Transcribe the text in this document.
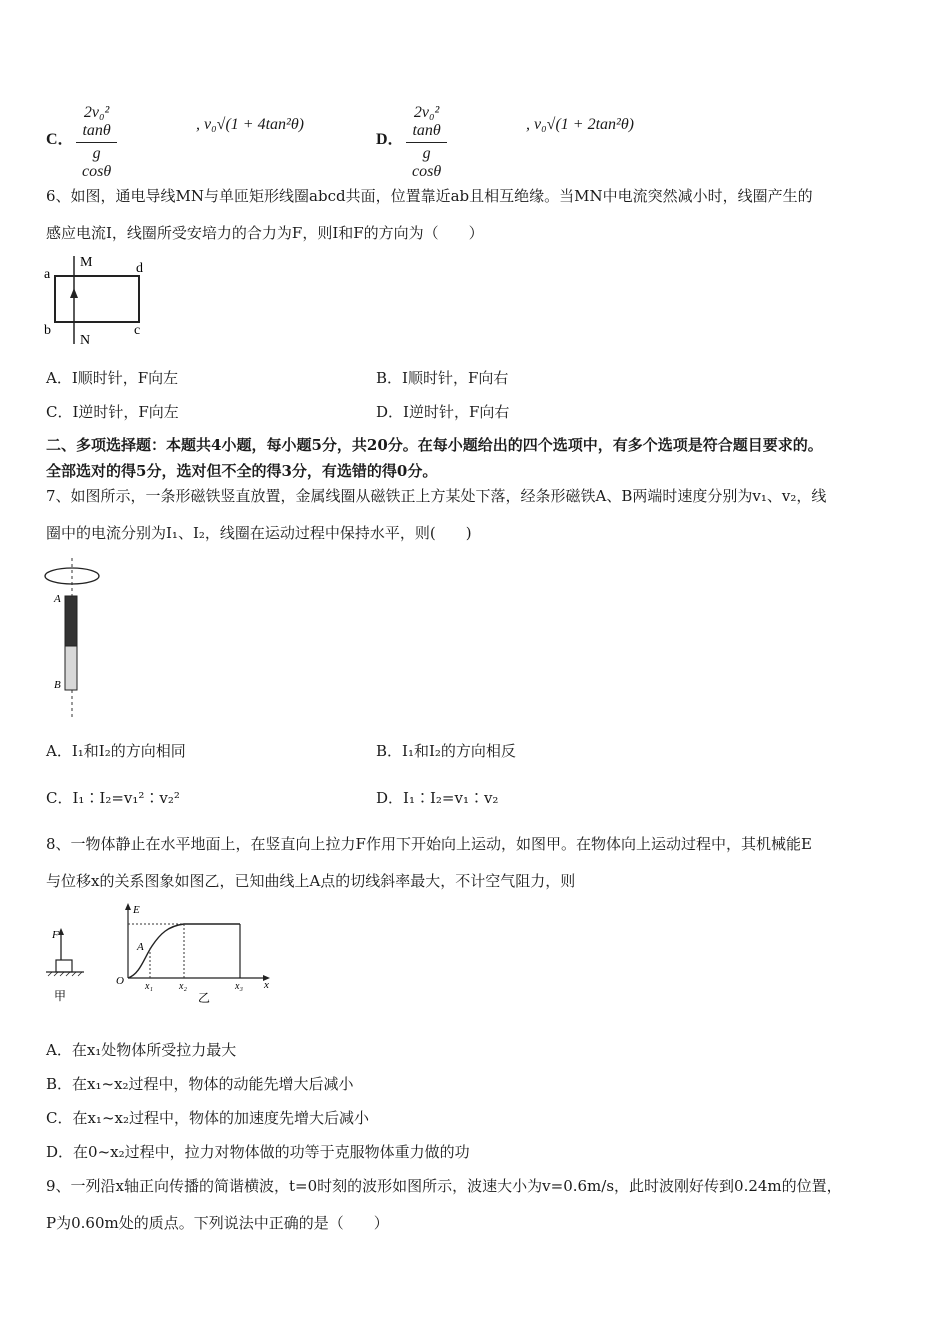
C． $\frac{\text{2v₀² tanθ}}{\text{g cosθ}}$	, v₀√(1 + 4tan²θ)
D． $\frac{\text{2v₀² tanθ}}{\text{g cosθ}}$	, v₀√(1 + 2tan²θ)
6、如图，通电导线MN与单匝矩形线圈abcd共面，位置靠近ab且相互绝缘。当MN中电流突然减小时，线圈产生的
感应电流I，线圈所受安培力的合力为F，则I和F的方向为（　　）
a
b	c
d
M
N
A．I顺时针，F向左	B．I顺时针，F向右
C．I逆时针，F向左	D．I逆时针，F向右
二、多项选择题：本题共4小题，每小题5分，共20分。在每小题给出的四个选项中，有多个选项是符合题目要求的。
全部选对的得5分，选对但不全的得3分，有选错的得0分。
7、如图所示，一条形磁铁竖直放置，金属线圈从磁铁正上方某处下落，经条形磁铁A、B两端时速度分别为v₁、v₂，线
圈中的电流分别为I₁、I₂，线圈在运动过程中保持水平，则(　　)
A
B
A．I₁和I₂的方向相同	B．I₁和I₂的方向相反
C．I₁∶I₂=v₁²∶v₂²	D．I₁∶I₂=v₁∶v₂
8、一物体静止在水平地面上，在竖直向上拉力F作用下开始向上运动，如图甲。在物体向上运动过程中，其机械能E
与位移x的关系图象如图乙，已知曲线上A点的切线斜率最大，不计空气阻力，则
F
甲
E
O	x
A
x₁	x₂	x₃
乙
A．在x₁处物体所受拉力最大
B．在x₁~x₂过程中，物体的动能先增大后减小
C．在x₁~x₂过程中，物体的加速度先增大后减小
D．在0~x₂过程中，拉力对物体做的功等于克服物体重力做的功
9、一列沿x轴正向传播的简谐横波，t=0时刻的波形如图所示，波速大小为v=0.6m/s，此时波刚好传到0.24m的位置，
P为0.60m处的质点。下列说法中正确的是（　　）
